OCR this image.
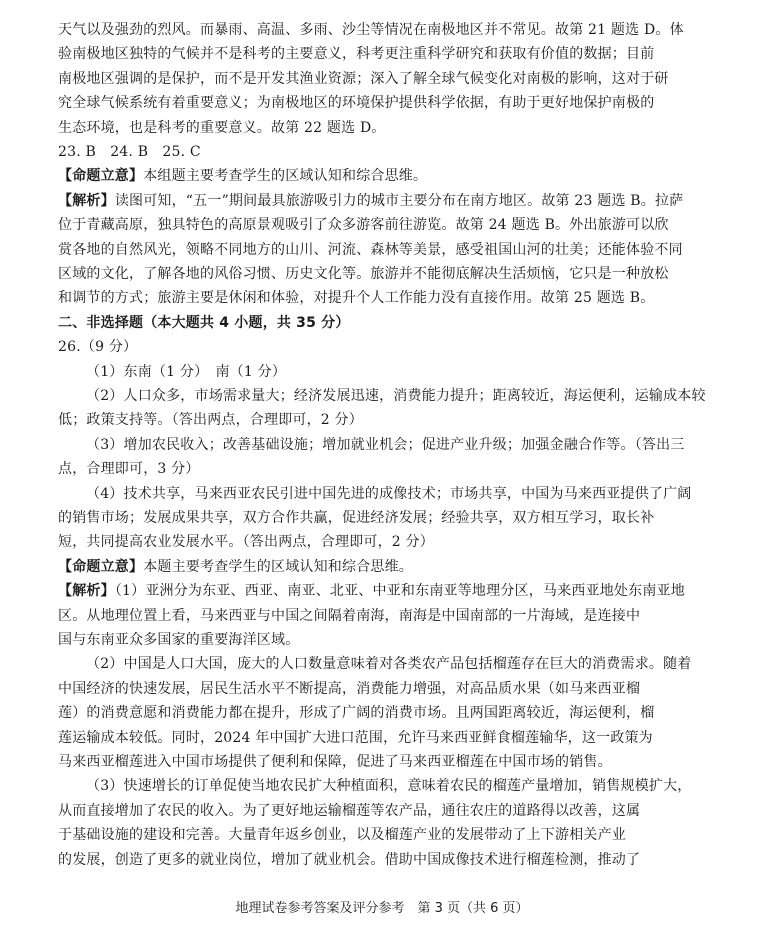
天气以及强劲的烈风。而暴雨、高温、多雨、沙尘等情况在南极地区并不常见。故第 21 题选 D。体
验南极地区独特的气候并不是科考的主要意义，科考更注重科学研究和获取有价值的数据；目前
南极地区强调的是保护，而不是开发其渔业资源；深入了解全球气候变化对南极的影响，这对于研
究全球气候系统有着重要意义；为南极地区的环境保护提供科学依据，有助于更好地保护南极的
生态环境，也是科考的重要意义。故第 22 题选 D。
23. B　24. B　25. C
【命题立意】本组题主要考查学生的区域认知和综合思维。
【解析】读图可知，“五一”期间最具旅游吸引力的城市主要分布在南方地区。故第 23 题选 B。拉萨
位于青藏高原，独具特色的高原景观吸引了众多游客前往游览。故第 24 题选 B。外出旅游可以欣
赏各地的自然风光，领略不同地方的山川、河流、森林等美景，感受祖国山河的壮美；还能体验不同
区域的文化，了解各地的风俗习惯、历史文化等。旅游并不能彻底解决生活烦恼，它只是一种放松
和调节的方式；旅游主要是休闲和体验，对提升个人工作能力没有直接作用。故第 25 题选 B。
二、非选择题（本大题共 4 小题，共 35 分）
26.（9 分）
（1）东南（1 分）　南（1 分）
（2）人口众多，市场需求量大；经济发展迅速，消费能力提升；距离较近，海运便利，运输成本较
低；政策支持等。（答出两点，合理即可，2 分）
（3）增加农民收入；改善基础设施；增加就业机会；促进产业升级；加强金融合作等。（答出三
点，合理即可，3 分）
（4）技术共享，马来西亚农民引进中国先进的成像技术；市场共享，中国为马来西亚提供了广阔
的销售市场；发展成果共享，双方合作共赢，促进经济发展；经验共享，双方相互学习，取长补
短，共同提高农业发展水平。（答出两点，合理即可，2 分）
【命题立意】本题主要考查学生的区域认知和综合思维。
【解析】（1）亚洲分为东亚、西亚、南亚、北亚、中亚和东南亚等地理分区，马来西亚地处东南亚地
区。从地理位置上看，马来西亚与中国之间隔着南海，南海是中国南部的一片海域，是连接中
国与东南亚众多国家的重要海洋区域。
（2）中国是人口大国，庞大的人口数量意味着对各类农产品包括榴莲存在巨大的消费需求。随着
中国经济的快速发展，居民生活水平不断提高，消费能力增强，对高品质水果（如马来西亚榴
莲）的消费意愿和消费能力都在提升，形成了广阔的消费市场。且两国距离较近，海运便利，榴
莲运输成本较低。同时，2024 年中国扩大进口范围，允许马来西亚鲜食榴莲输华，这一政策为
马来西亚榴莲进入中国市场提供了便利和保障，促进了马来西亚榴莲在中国市场的销售。
（3）快速增长的订单促使当地农民扩大种植面积，意味着农民的榴莲产量增加，销售规模扩大，
从而直接增加了农民的收入。为了更好地运输榴莲等农产品，通往农庄的道路得以改善，这属
于基础设施的建设和完善。大量青年返乡创业，以及榴莲产业的发展带动了上下游相关产业
的发展，创造了更多的就业岗位，增加了就业机会。借助中国成像技术进行榴莲检测，推动了
地理试卷参考答案及评分参考　第 3 页（共 6 页）
